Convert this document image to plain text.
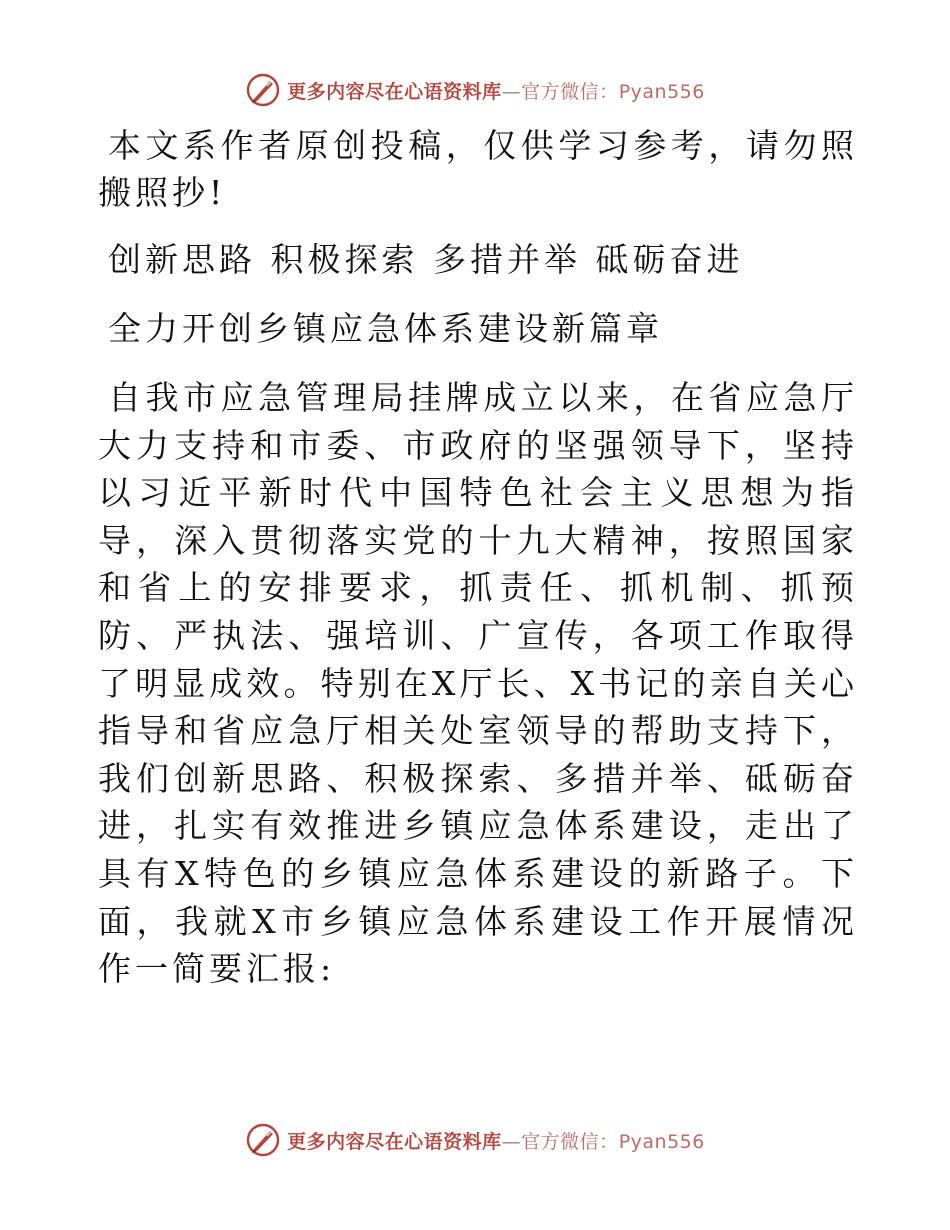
更多内容尽在心语资料库—官方微信：Pyan556

本文系作者原创投稿，仅供学习参考，请勿照搬照抄!

创新思路 积极探索 多措并举 砥砺奋进
全力开创乡镇应急体系建设新篇章

自我市应急管理局挂牌成立以来，在省应急厅大力支持和市委、市政府的坚强领导下，坚持以习近平新时代中国特色社会主义思想为指导，深入贯彻落实党的十九大精神，按照国家和省上的安排要求，抓责任、抓机制、抓预防、严执法、强培训、广宣传，各项工作取得了明显成效。特别在X厅长、X书记的亲自关心指导和省应急厅相关处室领导的帮助支持下，我们创新思路、积极探索、多措并举、砥砺奋进，扎实有效推进乡镇应急体系建设，走出了具有X特色的乡镇应急体系建设的新路子。下面，我就X市乡镇应急体系建设工作开展情况作一简要汇报:

更多内容尽在心语资料库—官方微信：Pyan556
